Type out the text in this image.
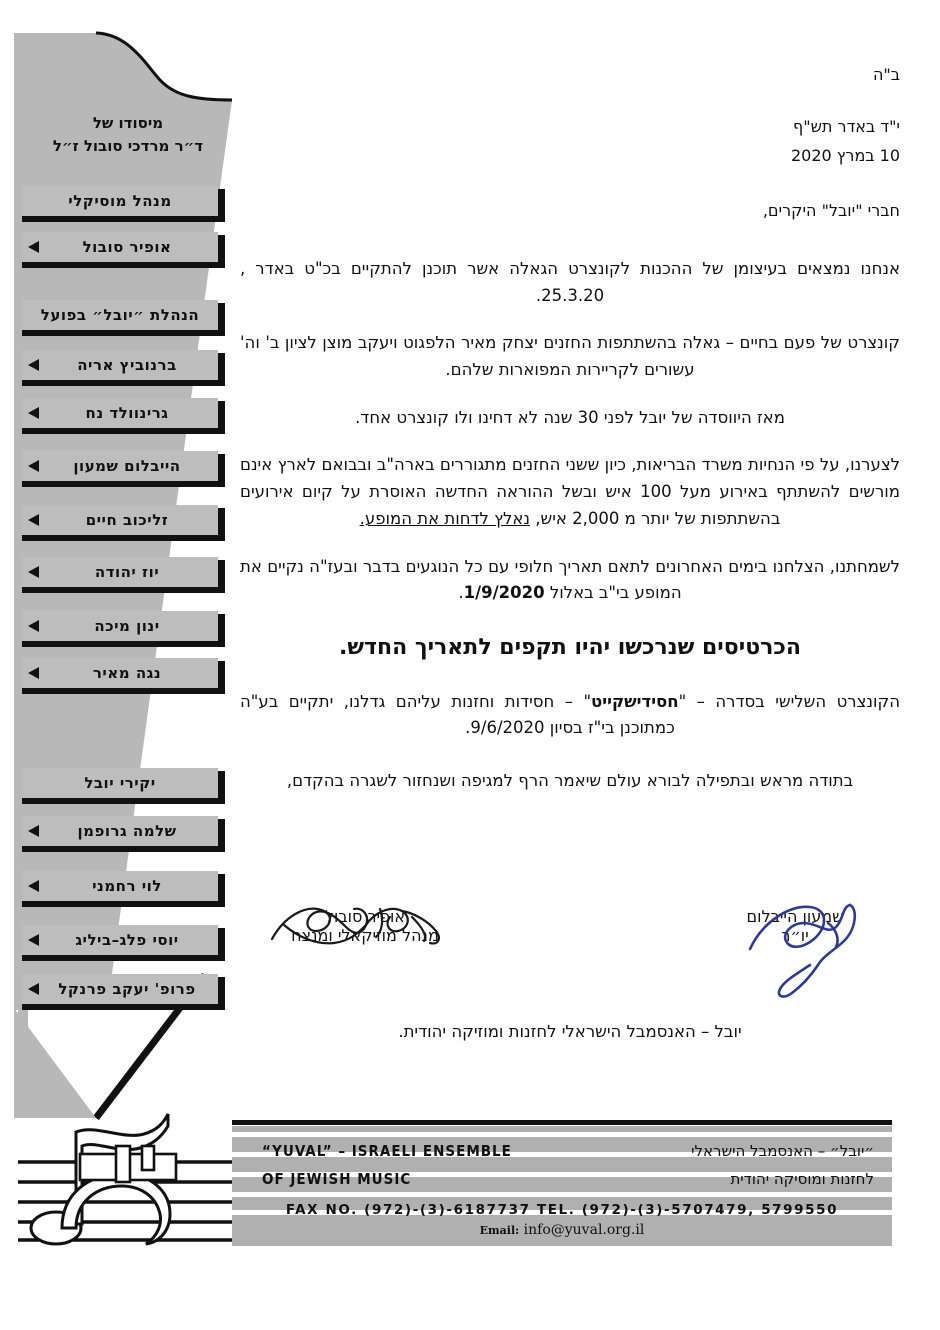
מיסודו של
ד״ר מרדכי סובול ז״ל
מנהל מוסיקלי
אופיר סובול
הנהלת ״יובל״ בפועל
ברנוביץ אריה
גרינוולד נח
הייבלום שמעון
זליכוב חיים
יוז יהודה
ינון מיכה
נגה מאיר
יקירי יובל
שלמה גרופמן
לוי רחמני
יוסי פלג–ביליג
פרופ' יעקב פרנקל
ב"ה
י"ד באדר תש"ף
10 במרץ 2020
חברי "יובל" היקרים,

אנחנו נמצאים בעיצומן של ההכנות לקונצרט הגאלה אשר תוכנן להתקיים בכ"ט באדר , 25.3.20.

קונצרט של פעם בחיים – גאלה בהשתתפות החזנים יצחק מאיר הלפגוט ויעקב מוצן לציון ב' וה' עשורים לקריירות המפוארות שלהם.

מאז היווסדה של יובל לפני 30 שנה לא דחינו ולו קונצרט אחד.

לצערנו, על פי הנחיות משרד הבריאות, כיון ששני החזנים מתגוררים בארה"ב ובבואם לארץ אינם מורשים להשתתף באירוע מעל 100 איש ובשל ההוראה החדשה האוסרת על קיום אירועים בהשתתפות של יותר מ 2,000 איש, נאלץ לדחות את המופע.

לשמחתנו, הצלחנו בימים האחרונים לתאם תאריך חלופי עם כל הנוגעים בדבר ובעז"ה נקיים את המופע בי"ב באלול 1/9/2020.

הכרטיסים שנרכשו יהיו תקפים לתאריך החדש.

הקונצרט השלישי בסדרה – "חסידישקייט" – חסידות וחזנות עליהם גדלנו, יתקיים בע"ה כמתוכנן בי"ז בסיון 9/6/2020.

בתודה מראש ובתפילה לבורא עולם שיאמר הרף למגיפה ושנחזור לשגרה בהקדם,

שמעון הייבלום
יו״ר
אופיר סובול
מנהל מוזיקאלי ומנצח
יובל – האנסמבל הישראלי לחזנות ומוזיקה יהודית.
“YUVAL” – ISRAELI ENSEMBLE
OF JEWISH MUSIC
״יובל״ – האנסמבל הישראלי
לחזנות ומוסיקה יהודית
FAX NO. (972)-(3)-6187737 TEL. (972)-(3)-5707479, 5799550
Email: info@yuval.org.il
